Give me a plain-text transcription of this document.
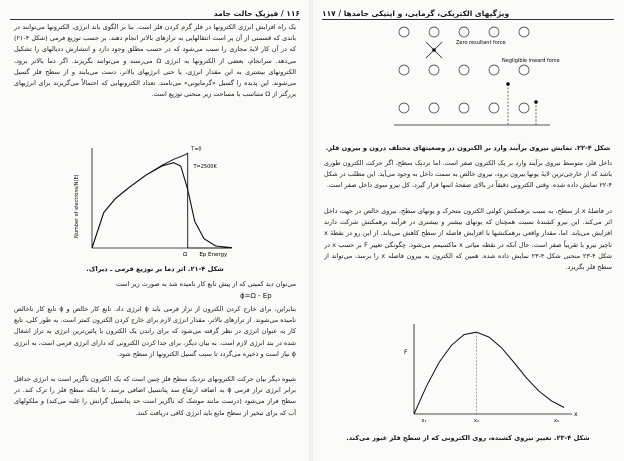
۱۱۶ / فیزیک حالت جامد
یک راه افزایش انرژی الکترونها در فلز گرم کردن فلز است. بنا بر الگوی باند انرژی، الکترونها می‌توانند در باندی که قسمتی از آن پر است انتقالهایی به ترازهای بالاتر انجام دهند. بر حسب توزیع فرمی (شکل ۴-۲۱) که در آن کار لایهٔ مجازی را سبب می‌شود که در حسب مطلق وجود دارد و انتشارش ددیالهای را تشکیل می‌دهد. سرانجام، بعضی از الکترونها به انرژی Ω می‌رسند و می‌توانند بگریزند. اگر دما بالاتر برود، الکترونهای بیشتری به این مقدار انرژی، یا حتی انرژیهای بالاتر، دست می‌یابند و از سطح فلز گسیل می‌شوند. این پدیده را گسیل «گرمایونی» می‌نامند. تعداد الکترونهایی که احتمالاً می‌گریزند برای انرژیهای بزرگتر از Ω متناسب با مساحت زیر منحنی توزیع است.
Number of electrons/N(E)
Energy
T=0
T=2500K
Ω Ep
شکل ۴-۲۱. اثر دما بر توزیع فرمی ـ دیراک.
می‌توان دید کمیتی که از پیش تابع کار نامیده شد به صورت زیر است
ϕ=Ω - Ep
بنابراین، برای خارج کردن الکترون از تراز فرمی باید ϕ انرژی داد. تابع کار خالص و ϕ تابع کار ناخالص نامیده می‌شوند. از ترازهای بالاتر، مقدار انرژی لازم برای خارج کردن الکترون کمتر است. به طور کلی، تابع کار به عنوان انرژی در نظر گرفته می‌شود که برای راندن یک الکترون با پائین‌ترین انرژی به تراز اشغال شده در بند انرژی لازم است. به بیان دیگر، برای جدا کردن الکترونی که دارای انرژی فرمی است، به انرژی ϕ نیاز است و ذخیره می‌گردد تا سبب گسیل الکترونها از سطح شود.
شیوه دیگر بیان حرکت الکترونهای نزدیک سطح فلز چنین است که یک الکترون ناگزیر است به انرژی حداقل برابر انرژی تراز فرمی ϕ به اضافه ارتفاع سد پتانسیل اضافی برسد. تا اینکه سطح فلز را ترک کند. در سطح فراز می‌شود (درست مانند موشک که ناگزیر است حد پتانسیل گرانش را غلبه می‌کند) و ملکولهای آب که برای تبخیر از سطح مایع باید انرژی کافی دریافت کنند.
ویژگیهای الکتریکی، گرمایی، و اپتیکی جامدها / ۱۱۷
Zero resultant force
Negligible inward force
شکل ۴-۲۲. نمایش نیروی برآیند وارد بر الکترون در وضعیتهای مختلف درون و بیرون فلز.
داخل فلز، متوسط نیروی برآیند وارد بر یک الکترون صفر است. اما نزدیک سطح، اگر حرکت الکترون طوری باشد که از خارجی‌ترین لایهٔ یونها بیرون برود، نیروی خالص به سمت داخل به وجود می‌آید. این مطلب در شکل ۴-۲۲ نمایش داده شده. وقتی الکترونی دقیقاً در بالای صفحهٔ اتمها قرار گیرد، کل نیرو سوی داخل صفر است.
در فاصلهٔ x از سطح، به سبب برهمکنش کولنی الکترون متحرک و یونهای سطح، نیروی خالص در جهت داخل اثر می‌کند. این نیرو کشندهٔ نسبت همچنان که یونهای بیشتر و بیشتری در فرآیند برهمکنش شرکت دارند افزایش می‌یابد. اما، مقدار واقعی برهمکنشها با افزایش فاصله از سطح کاهش می‌یابد. از این رو در نقطهٔ x ناچیز نیرو با تقریباً صفر است. حال آنکه در نقطه میانی x ماکسیمم می‌شود. چگونگی تغییر F بر حسب x در شکل ۴-۲۳ منحنی شکل ۴-۲۳ نمایش داده شده. همین که الکترون به بیرون فاصله x را برسد، می‌تواند از سطح فلز بگریزد.
F
x
x₁	x₂	x₀
شکل ۴-۲۳. تغییر نیروی کشنده، روی الکترونی که از سطح فلز عبور می‌کند.
